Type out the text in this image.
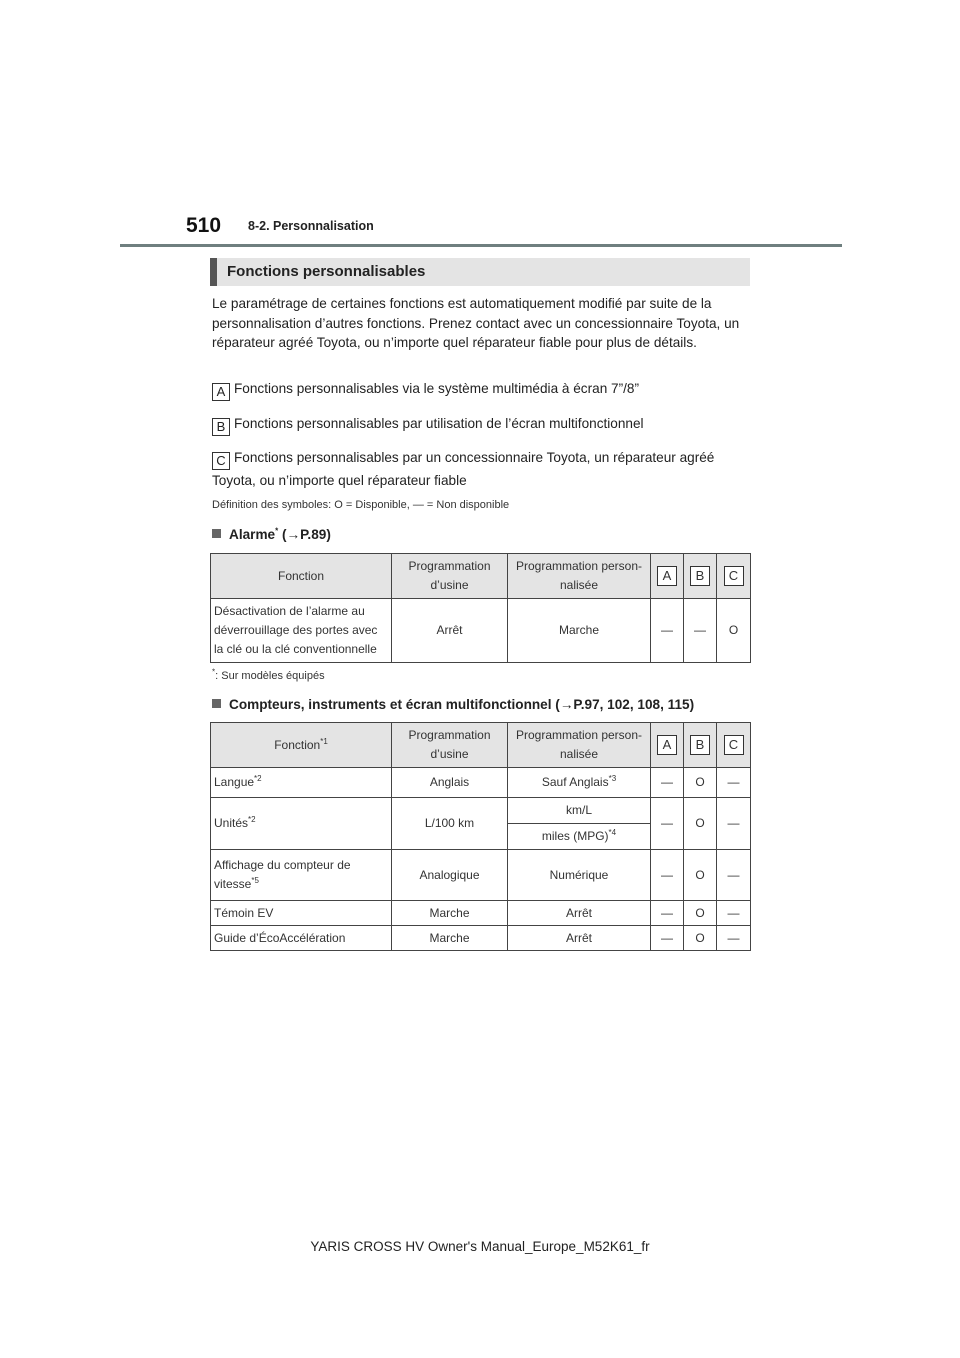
510 8-2. Personnalisation
Fonctions personnalisables
Le paramétrage de certaines fonctions est automatiquement modifié par suite de la personnalisation d’autres fonctions. Prenez contact avec un concessionnaire Toyota, un réparateur agréé Toyota, ou n’importe quel réparateur fiable pour plus de détails.
A Fonctions personnalisables via le système multimédia à écran 7”/8”
B Fonctions personnalisables par utilisation de l’écran multifonctionnel
C Fonctions personnalisables par un concessionnaire Toyota, un réparateur agréé
Toyota, ou n’importe quel réparateur fiable
Définition des symboles: O = Disponible, — = Non disponible
Alarme* (→P.89)
Fonction	Programmation d’usine	Programmation person-nalisée	A	B	C
Désactivation de l’alarme au déverrouillage des portes avec la clé ou la clé conventionnelle	Arrêt	Marche	—	—	O
*: Sur modèles équipés
Compteurs, instruments et écran multifonctionnel (→P.97, 102, 108, 115)
Fonction$^{*1}$	Programmation d’usine	Programmation person-nalisée	A	B	C
Langue$^{*2}$	Anglais	Sauf Anglais$^{*3}$	—	O	—
Unités$^{*2}$	L/100 km	km/L	—	O	—
		miles (MPG)$^{*4}$
Affichage du compteur de
vitesse$^{*5}$	Analogique	Numérique	—	O	—
Témoin EV	Marche	Arrêt	—	O	—
Guide d’ÉcoAccélération	Marche	Arrêt	—	O	—
YARIS CROSS HV Owner's Manual_Europe_M52K61_fr
